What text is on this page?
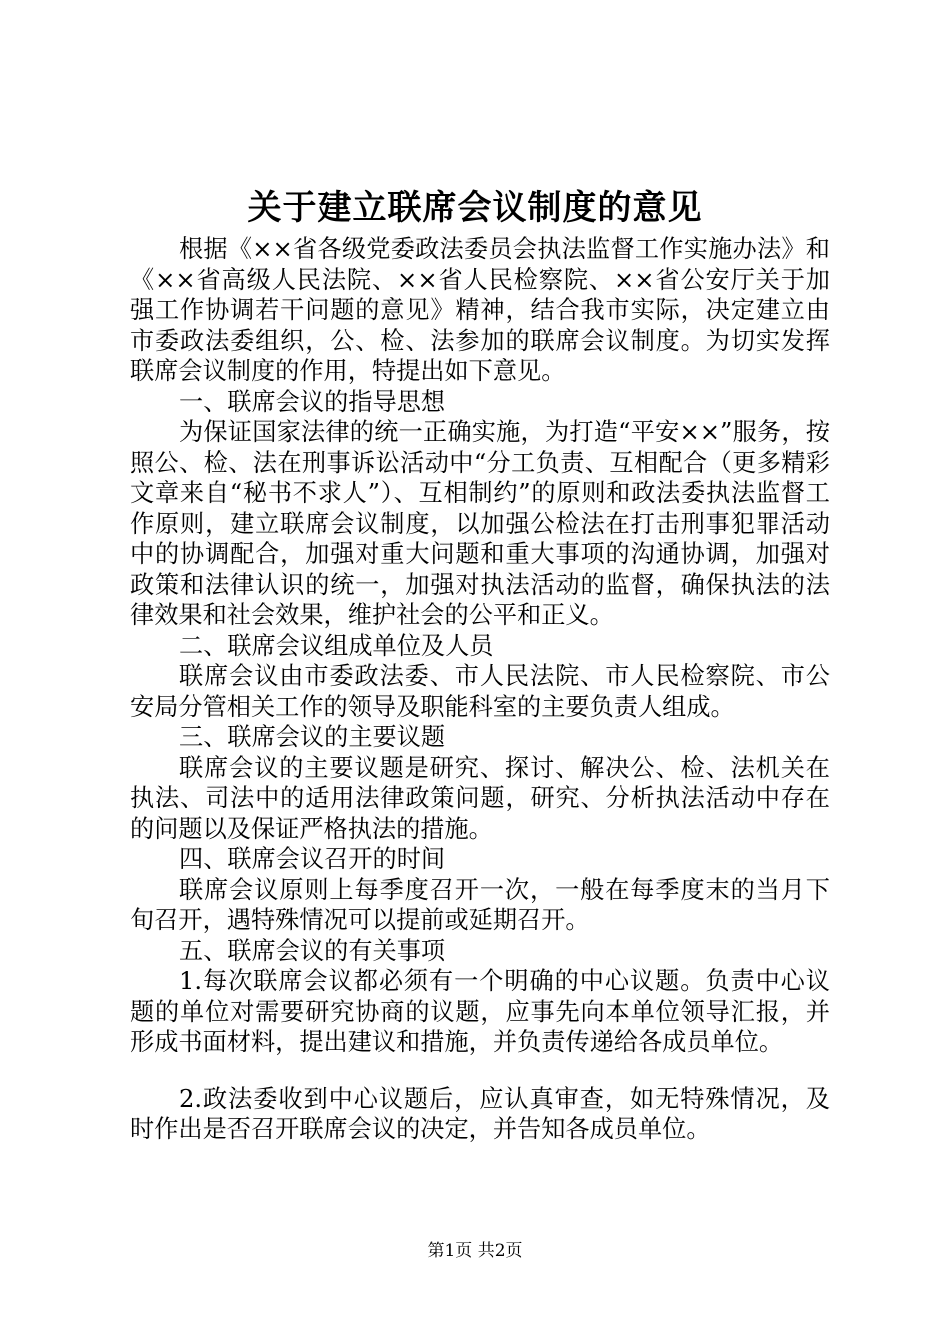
关于建立联席会议制度的意见

根据《××省各级党委政法委员会执法监督工作实施办法》和《××省高级人民法院、××省人民检察院、××省公安厅关于加强工作协调若干问题的意见》精神，结合我市实际，决定建立由市委政法委组织，公、检、法参加的联席会议制度。为切实发挥联席会议制度的作用，特提出如下意见。

一、联席会议的指导思想

为保证国家法律的统一正确实施，为打造“平安××”服务，按照公、检、法在刑事诉讼活动中“分工负责、互相配合（更多精彩文章来自“秘书不求人”）、互相制约”的原则和政法委执法监督工作原则，建立联席会议制度，以加强公检法在打击刑事犯罪活动中的协调配合，加强对重大问题和重大事项的沟通协调，加强对政策和法律认识的统一，加强对执法活动的监督，确保执法的法律效果和社会效果，维护社会的公平和正义。

二、联席会议组成单位及人员

联席会议由市委政法委、市人民法院、市人民检察院、市公安局分管相关工作的领导及职能科室的主要负责人组成。

三、联席会议的主要议题

联席会议的主要议题是研究、探讨、解决公、检、法机关在执法、司法中的适用法律政策问题，研究、分析执法活动中存在的问题以及保证严格执法的措施。

四、联席会议召开的时间

联席会议原则上每季度召开一次，一般在每季度末的当月下旬召开，遇特殊情况可以提前或延期召开。

五、联席会议的有关事项

1.每次联席会议都必须有一个明确的中心议题。负责中心议题的单位对需要研究协商的议题，应事先向本单位领导汇报，并形成书面材料，提出建议和措施，并负责传递给各成员单位。

2.政法委收到中心议题后，应认真审查，如无特殊情况，及时作出是否召开联席会议的决定，并告知各成员单位。

第1页 共2页
